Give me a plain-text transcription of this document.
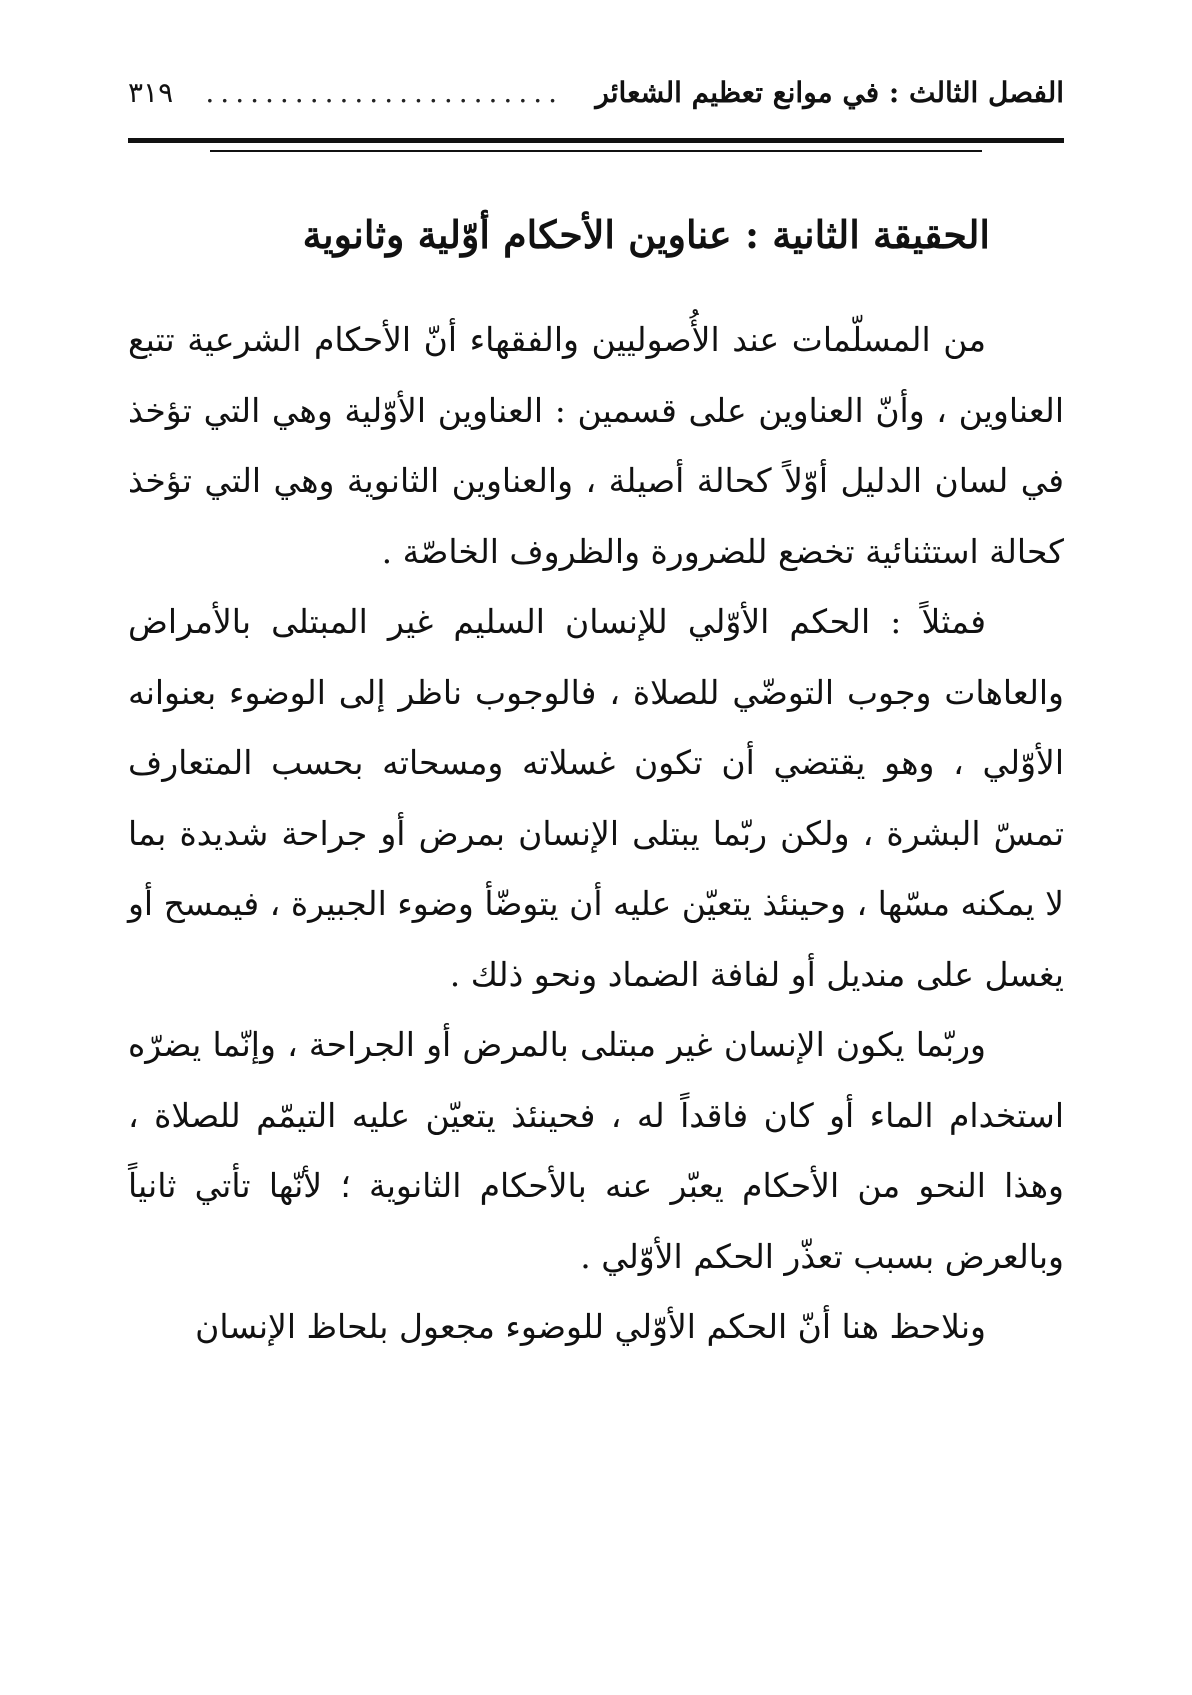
الفصل الثالث : في موانع تعظيم الشعائر
........................
٣١٩
الحقيقة الثانية : عناوين الأحكام أوّلية وثانوية

من المسلّمات عند الأُصوليين والفقهاء أنّ الأحكام الشرعية تتبع العناوين ، وأنّ العناوين على قسمين : العناوين الأوّلية وهي التي تؤخذ في لسان الدليل أوّلاً كحالة أصيلة ، والعناوين الثانوية وهي التي تؤخذ كحالة استثنائية تخضع للضرورة والظروف الخاصّة .

فمثلاً : الحكم الأوّلي للإنسان السليم غير المبتلى بالأمراض والعاهات وجوب التوضّي للصلاة ، فالوجوب ناظر إلى الوضوء بعنوانه الأوّلي ، وهو يقتضي أن تكون غسلاته ومسحاته بحسب المتعارف تمسّ البشرة ، ولكن ربّما يبتلى الإنسان بمرض أو جراحة شديدة بما لا يمكنه مسّها ، وحينئذ يتعيّن عليه أن يتوضّأ وضوء الجبيرة ، فيمسح أو يغسل على منديل أو لفافة الضماد ونحو ذلك .

وربّما يكون الإنسان غير مبتلى بالمرض أو الجراحة ، وإنّما يضرّه استخدام الماء أو كان فاقداً له ، فحينئذ يتعيّن عليه التيمّم للصلاة ، وهذا النحو من الأحكام يعبّر عنه بالأحكام الثانوية ؛ لأنّها تأتي ثانياً وبالعرض بسبب تعذّر الحكم الأوّلي .

ونلاحظ هنا أنّ الحكم الأوّلي للوضوء مجعول بلحاظ الإنسان
